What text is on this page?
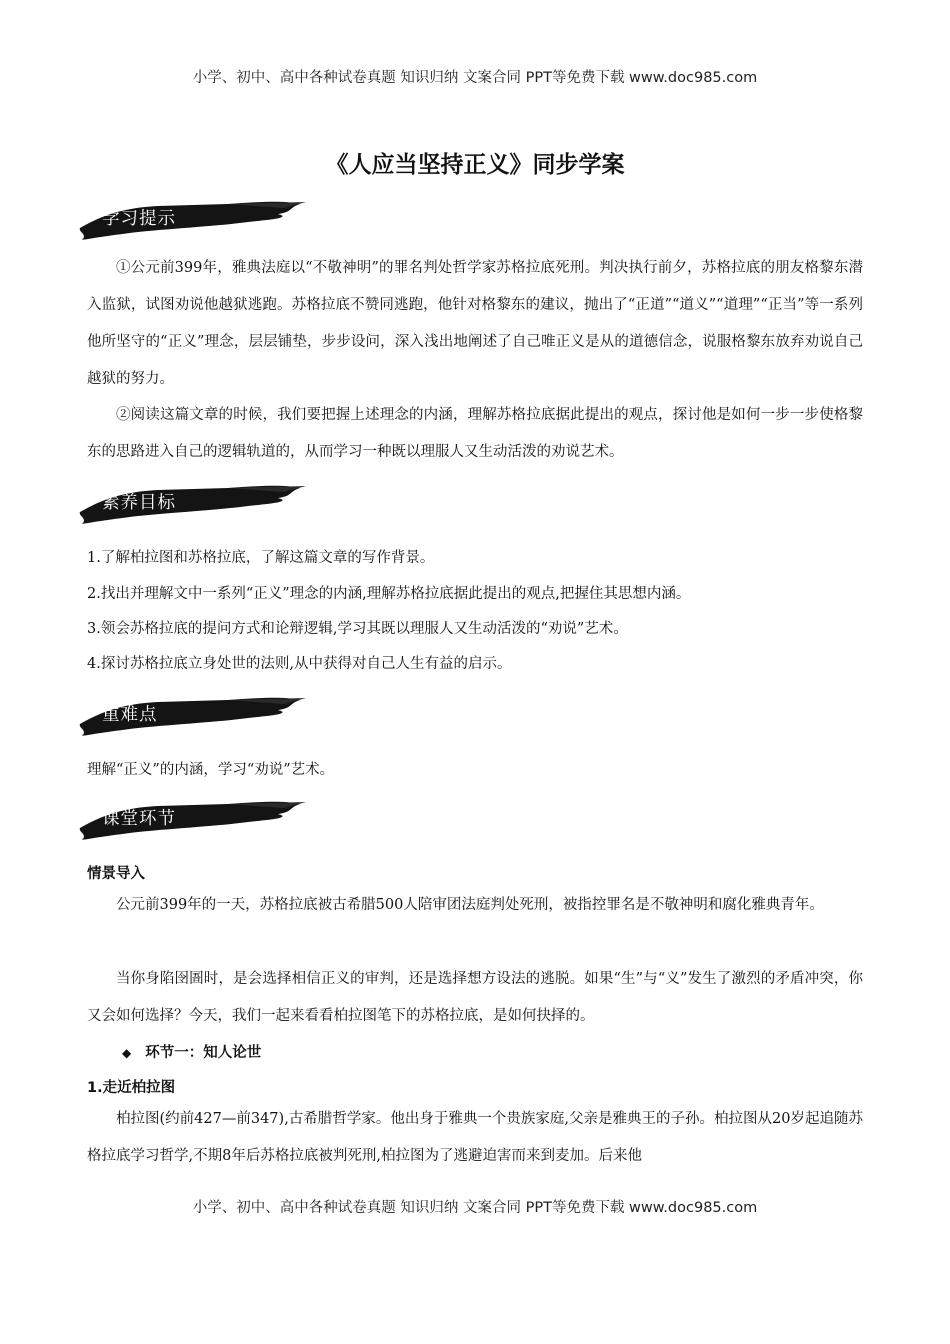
小学、初中、高中各种试卷真题 知识归纳 文案合同 PPT等免费下载 www.doc985.com
《人应当坚持正义》同步学案
学习提示

①公元前399年，雅典法庭以“不敬神明”的罪名判处哲学家苏格拉底死刑。判决执行前夕，苏格拉底的朋友格黎东潜入监狱，试图劝说他越狱逃跑。苏格拉底不赞同逃跑，他针对格黎东的建议，抛出了“正道”“道义”“道理”“正当”等一系列他所坚守的“正义”理念，层层铺垫，步步设问，深入浅出地阐述了自己唯正义是从的道德信念，说服格黎东放弃劝说自己越狱的努力。

②阅读这篇文章的时候，我们要把握上述理念的内涵，理解苏格拉底据此提出的观点，探讨他是如何一步一步使格黎东的思路进入自己的逻辑轨道的，从而学习一种既以理服人又生动活泼的劝说艺术。

素养目标

1.了解柏拉图和苏格拉底，了解这篇文章的写作背景。

2.找出并理解文中一系列“正义”理念的内涵,理解苏格拉底据此提出的观点,把握住其思想内涵。

3.领会苏格拉底的提问方式和论辩逻辑,学习其既以理服人又生动活泼的“劝说”艺术。

4.探讨苏格拉底立身处世的法则,从中获得对自己人生有益的启示。

重难点

理解“正义”的内涵，学习“劝说”艺术。

课堂环节

情景导入

公元前399年的一天，苏格拉底被古希腊500人陪审团法庭判处死刑，被指控罪名是不敬神明和腐化雅典青年。

当你身陷囹圄时，是会选择相信正义的审判，还是选择想方设法的逃脱。如果“生”与“义”发生了激烈的矛盾冲突，你又会如何选择？今天，我们一起来看看柏拉图笔下的苏格拉底，是如何抉择的。

◆ 环节一：知人论世

1.走近柏拉图

柏拉图(约前427—前347),古希腊哲学家。他出身于雅典一个贵族家庭,父亲是雅典王的子孙。柏拉图从20岁起追随苏格拉底学习哲学,不期8年后苏格拉底被判死刑,柏拉图为了逃避迫害而来到麦加。后来他

小学、初中、高中各种试卷真题 知识归纳 文案合同 PPT等免费下载 www.doc985.com
